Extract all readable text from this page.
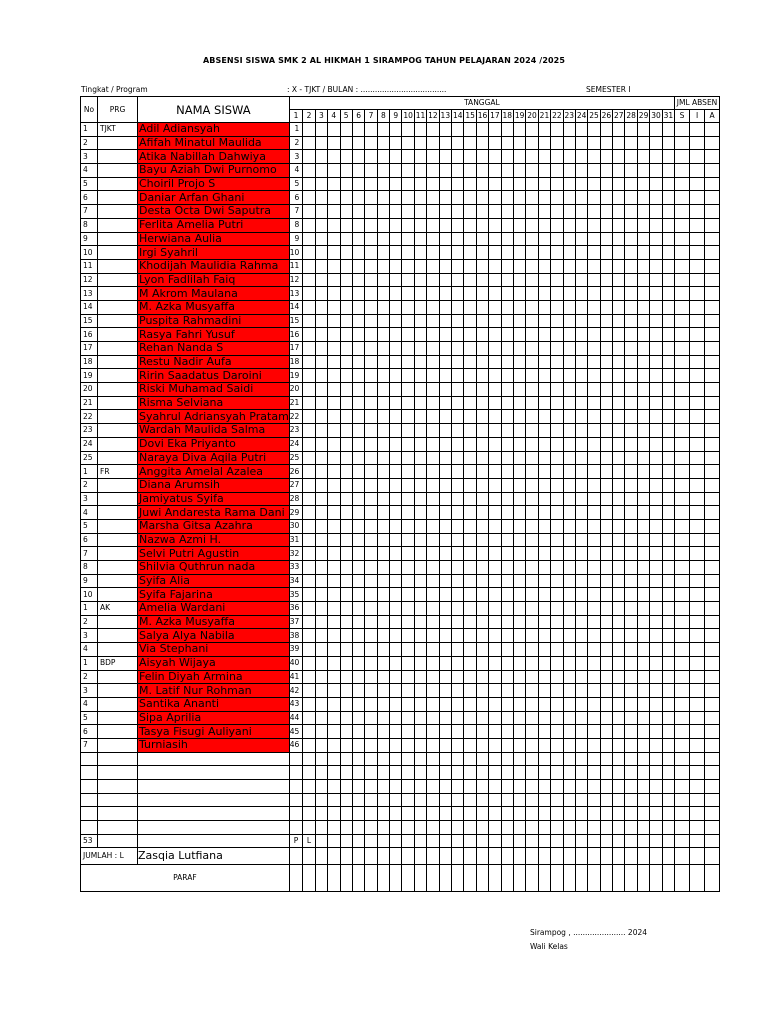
ABSENSI SISWA SMK 2 AL HIKMAH 1 SIRAMPOG TAHUN PELAJARAN 2024 /2025
Tingkat / Program	: X - TJKT / BULAN : ....................................	SEMESTER I
No	PRG	NAMA SISWA	TANGGAL																															JML ABSEN		
			1	2	3	4	5	6	7	8	9	10	11	12	13	14	15	16	17	18	19	20	21	22	23	24	25	26	27	28	29	30	31	S	I	A
1	TJKT	Adil Adiansyah	1																																	
2		Afifah Minatul Maulida	2																																	
3		Atika Nabillah Dahwiya	3																																	
4		Bayu Aziah Dwi Purnomo	4																																	
5		Choiril Projo S	5																																	
6		Daniar Arfan Ghani	6																																	
7		Desta Octa Dwi Saputra	7																																	
8		Ferlita Amelia Putri	8																																	
9		Herwiana Aulia	9																																	
10		Irgi Syahril	10																																	
11		Khodijah Maulidia Rahma	11																																	
12		Lyon Fadlilah Faiq	12																																	
13		M Akrom Maulana	13																																	
14		M. Azka Musyaffa	14																																	
15		Puspita Rahmadini	15																																	
16		Rasya Fahri Yusuf	16																																	
17		Rehan Nanda S	17																																	
18		Restu Nadir Aufa	18																																	
19		Ririn Saadatus Daroini	19																																	
20		Riski Muhamad Saidi	20																																	
21		Risma Selviana	21																																	
22		Syahrul Adriansyah Pratam	22																																	
23		Wardah Maulida Salma	23																																	
24		Dovi Eka Priyanto	24																																	
25		Naraya Diva Aqila Putri	25																																	
1	FR	Anggita Amelal Azalea	26																																	
2		Diana Arumsih	27																																	
3		Jamiyatus Syifa	28																																	
4		Juwi Andaresta Rama Dani	29																																	
5		Marsha Gitsa Azahra	30																																	
6		Nazwa Azmi H.	31																																	
7		Selvi Putri Agustin	32																																	
8		Shilvia Quthrun nada	33																																	
9		Syifa Alia	34																																	
10		Syifa Fajarina	35																																	
1	AK	Amelia Wardani	36																																	
2		M. Azka Musyaffa	37																																	
3		Salya Alya Nabila	38																																	
4		Via Stephani	39																																	
1	BDP	Aisyah Wijaya	40																																	
2		Felin Diyah Armina	41																																	
3		M. Latif Nur Rohman	42																																	
4		Santika Ananti	43																																	
5		Sipa Aprilia	44																																	
6		Tasya Fisugi Auliyani	45																																	
7		Turniasih	46																																	

53			P	L																																
JUMLAH : L		Zasqia Lutfiana																																		
PARAF																																				
Sirampog , ...................... 2024
Wali Kelas
